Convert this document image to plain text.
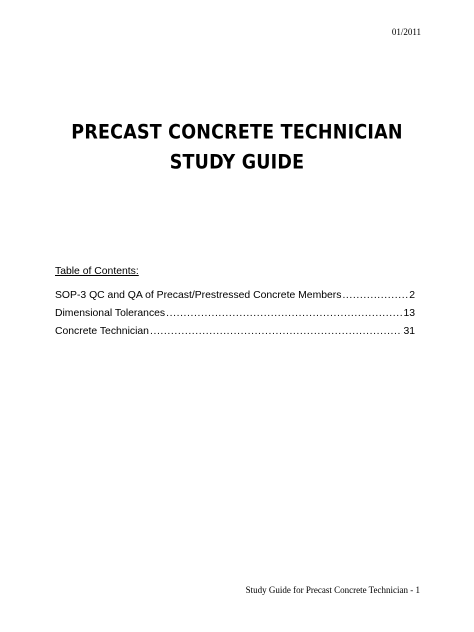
01/2011
PRECAST CONCRETE TECHNICIAN
STUDY GUIDE
Table of Contents:
SOP-3 QC and QA of Precast/Prestressed Concrete Members .....	2
Dimensional Tolerances .....	13
Concrete Technician .....	31
Study Guide for Precast Concrete Technician - 1
